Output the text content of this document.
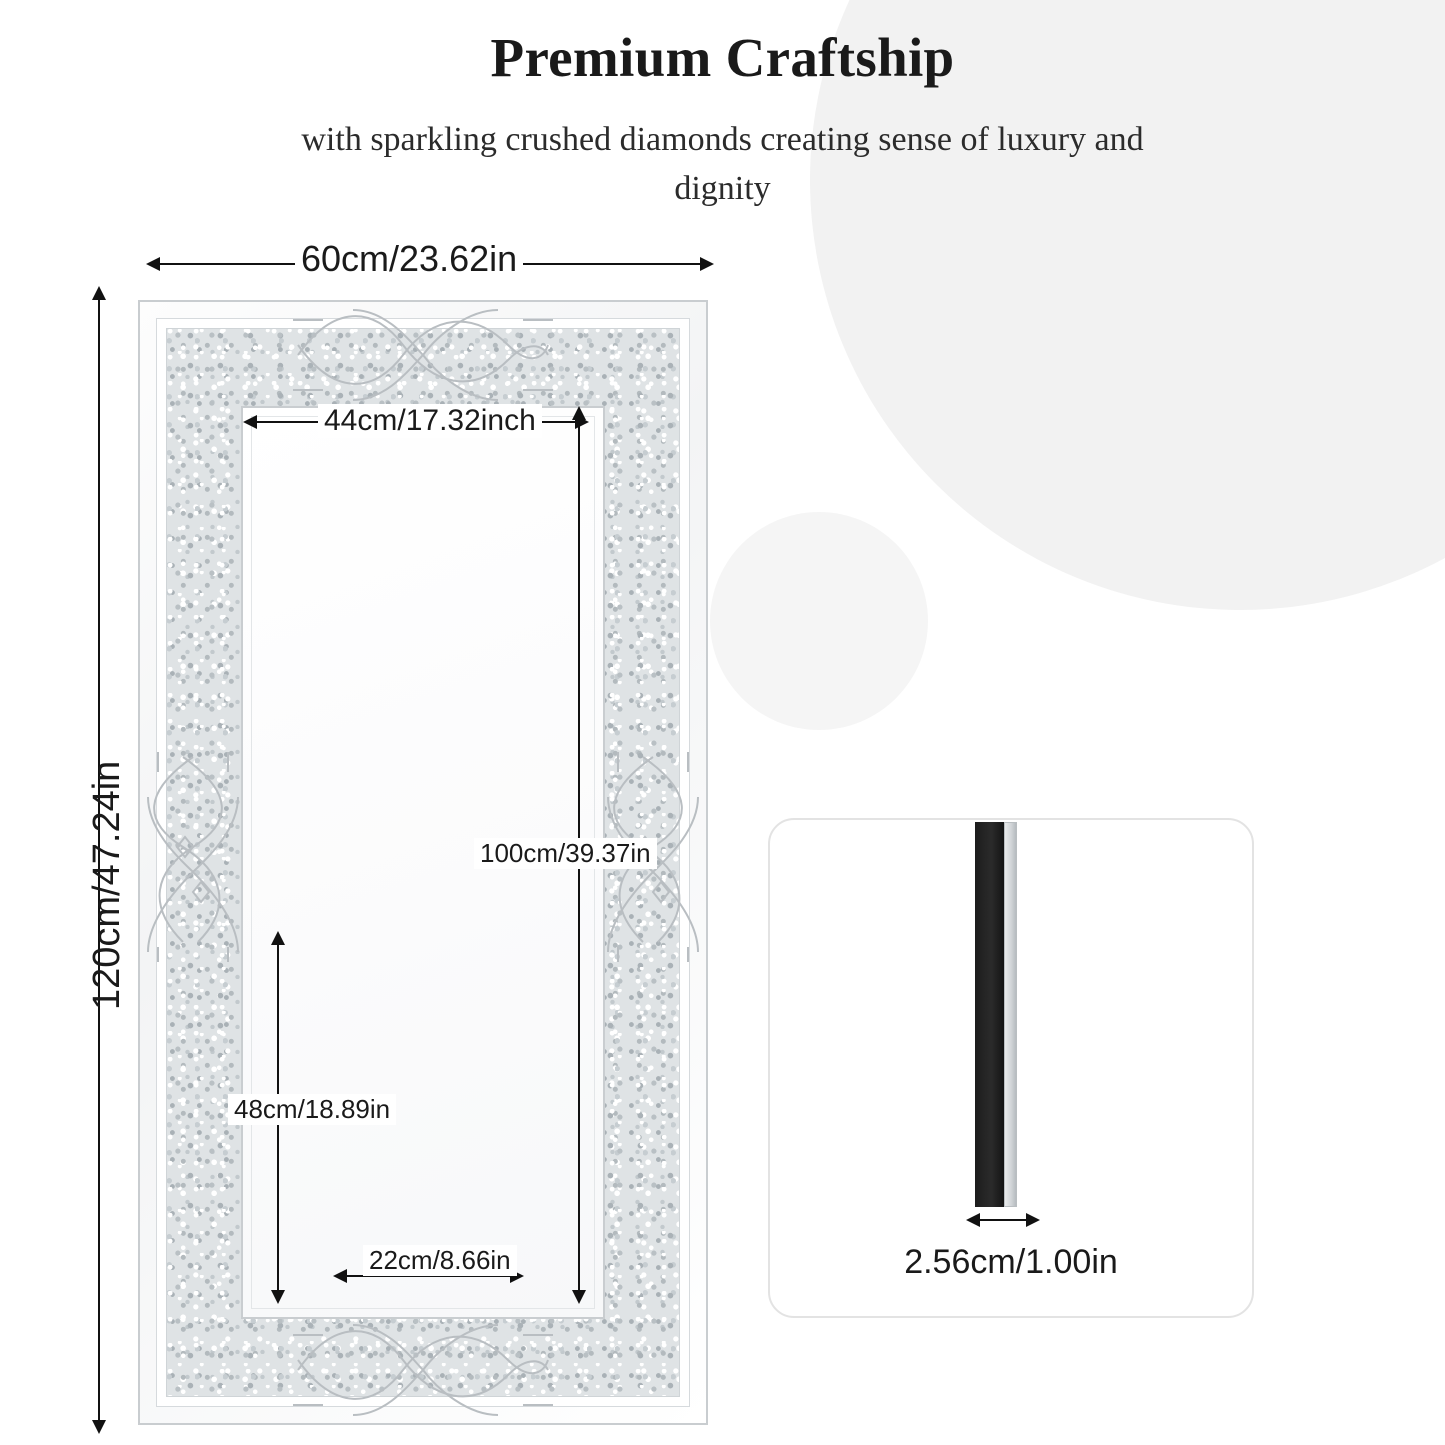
Premium Craftship
with sparkling crushed diamonds creating sense of luxury and dignity
60cm/23.62in
120cm/47.24in
44cm/17.32inch
100cm/39.37in
48cm/18.89in
22cm/8.66in	2.56cm/1.00in
